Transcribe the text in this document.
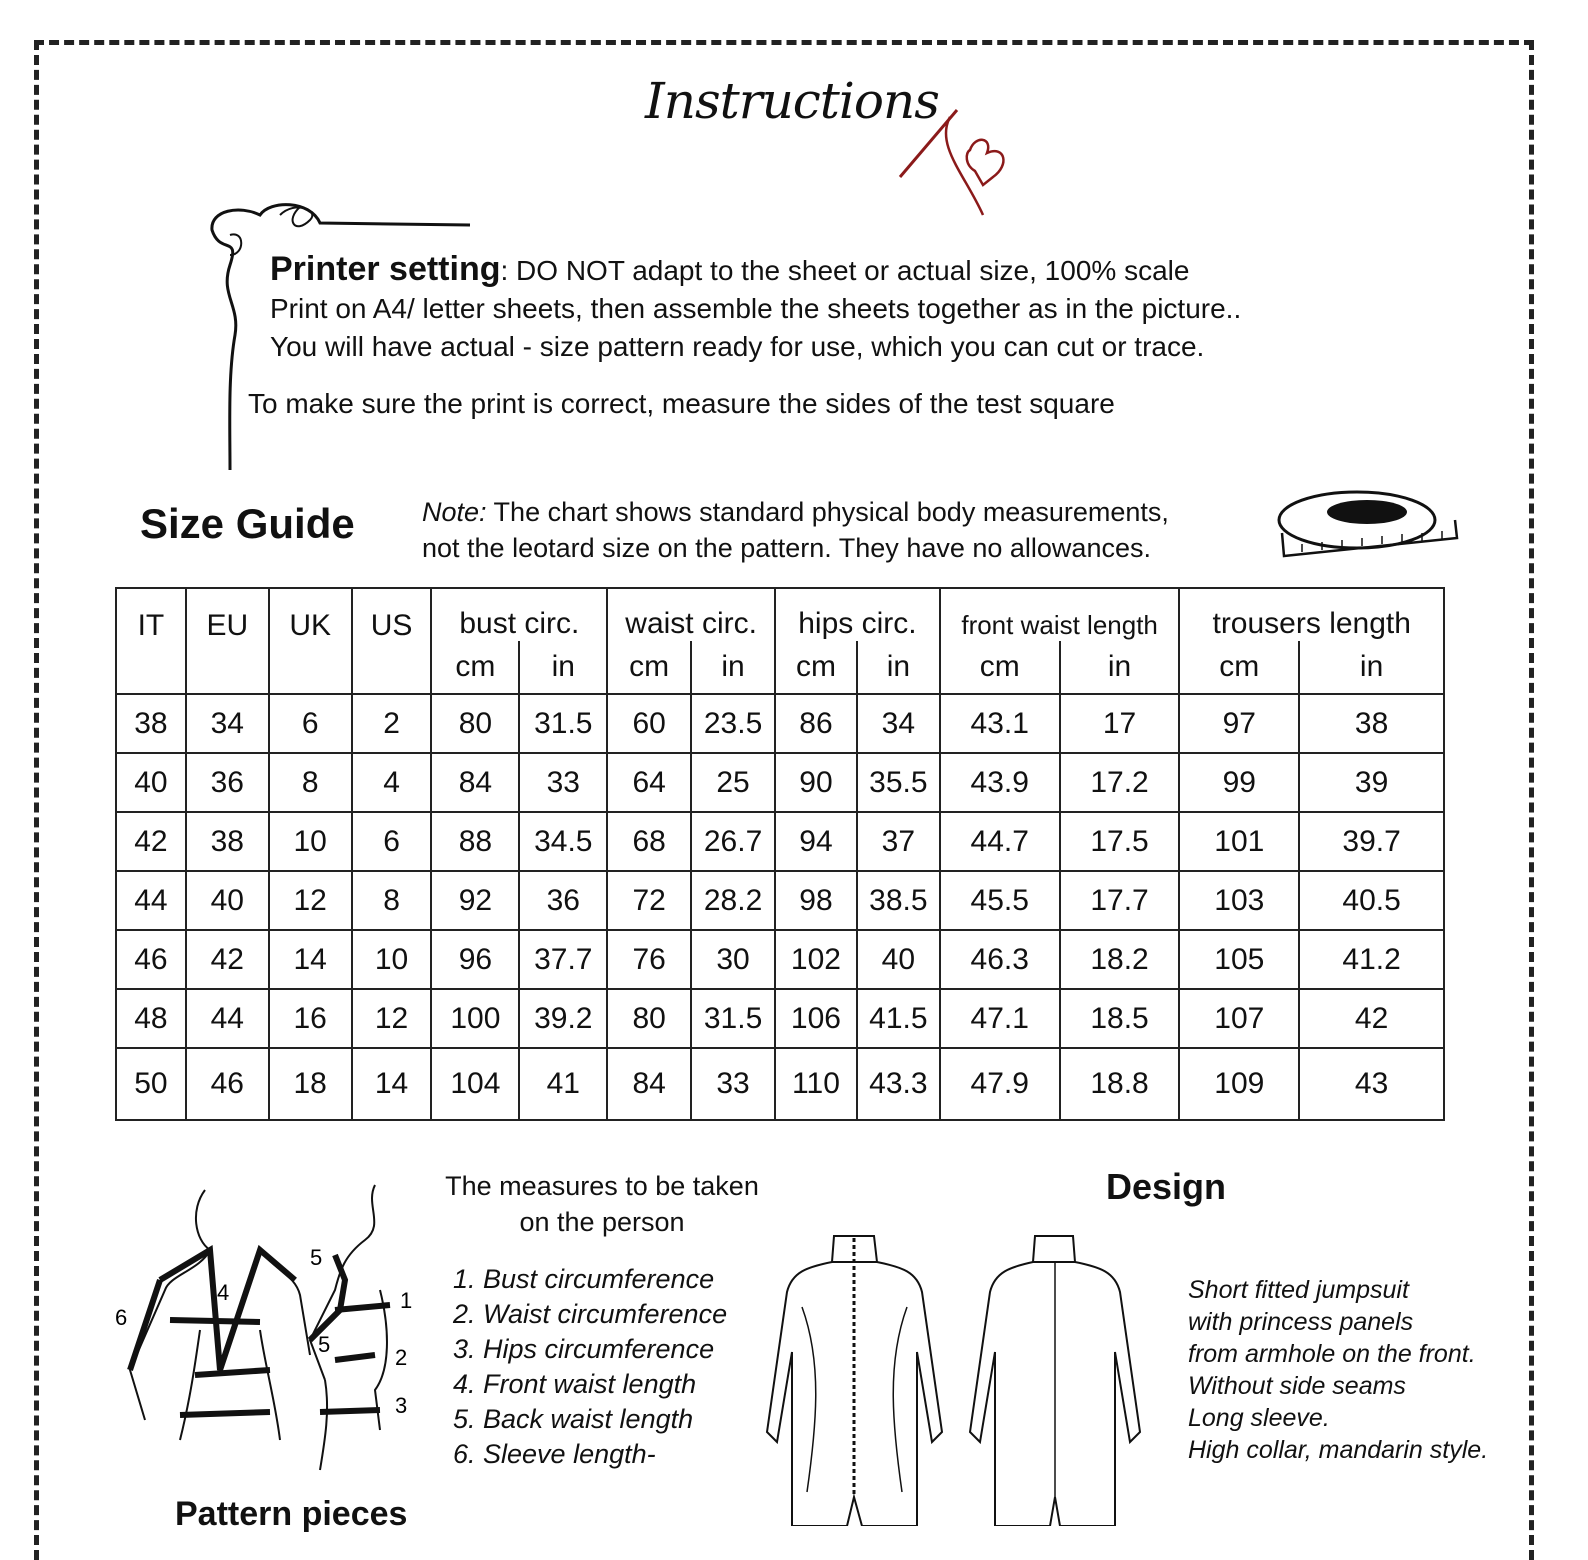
Instructions
Printer setting: DO NOT adapt to the sheet or actual size, 100% scale
Print on A4/ letter sheets, then assemble the sheets together as in the picture..
You will have actual - size pattern ready for use, which you can cut or trace.
To make sure the print is correct, measure the sides of the test square
Size Guide Note: The chart shows standard physical body measurements,
not the leotard size on the pattern. They have no allowances.
IT	EU	UK	US	bust circ.		waist circ.		hips circ.		front waist length		trousers length	
				cm	in	cm	in	cm	in	cm	in	cm	in
38	34	6	2	80	31.5	60	23.5	86	34	43.1	17	97	38
40	36	8	4	84	33	64	25	90	35.5	43.9	17.2	99	39
42	38	10	6	88	34.5	68	26.7	94	37	44.7	17.5	101	39.7
44	40	12	8	92	36	72	28.2	98	38.5	45.5	17.7	103	40.5
46	42	14	10	96	37.7	76	30	102	40	46.3	18.2	105	41.2
48	44	16	12	100	39.2	80	31.5	106	41.5	47.1	18.5	107	42
50	46	18	14	104	41	84	33	110	43.3	47.9	18.8	109	43
1
2
3
4
5
5
6
The measures to be taken
on the person
1. Bust circumference
2. Waist circumference
3. Hips circumference
4. Front waist length
5. Back waist length
6. Sleeve length-
Design
Short fitted jumpsuit
with princess panels
from armhole on the front.
Without side seams
Long sleeve.
High collar, mandarin style.
Pattern pieces
